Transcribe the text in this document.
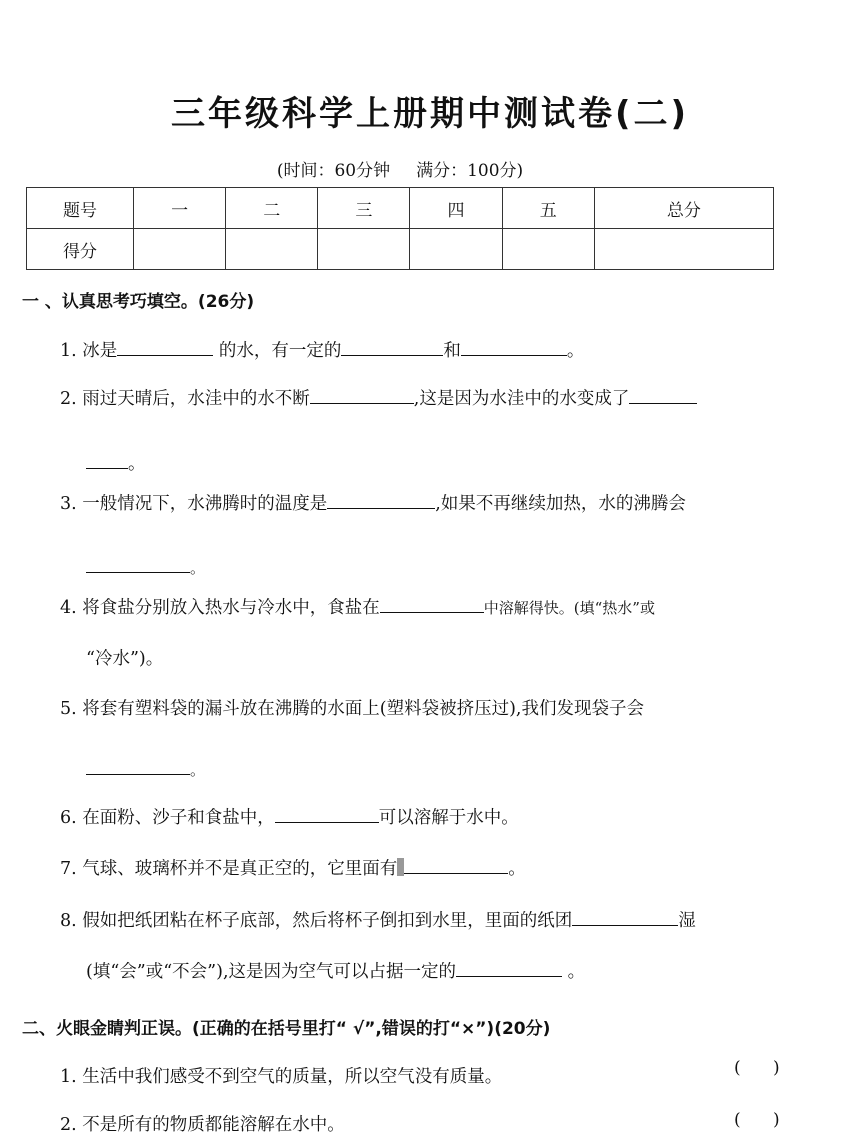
三年级科学上册期中测试卷(二)
(时间：60分钟 满分：100分)
题号	一	二	三	四	五	总分
得分						
一 、认真思考巧填空。(26分)
1. 冰是	的水，有一定的	和	。
2. 雨过天晴后，水洼中的水不断	,这是因为水洼中的水变成了
。
3. 一般情况下，水沸腾时的温度是	,如果不再继续加热，水的沸腾会
。
4. 将食盐分别放入热水与冷水中，食盐在	中溶解得快。(填“热水”或
“冷水”)。
5. 将套有塑料袋的漏斗放在沸腾的水面上(塑料袋被挤压过),我们发现袋子会
。
6. 在面粉、沙子和食盐中，	可以溶解于水中。
7. 气球、玻璃杯并不是真正空的，它里面有	。
8. 假如把纸团粘在杯子底部，然后将杯子倒扣到水里，里面的纸团	湿
(填“会”或“不会”),这是因为空气可以占据一定的	。
二、火眼金睛判正误。(正确的在括号里打“ √”,错误的打“×”)(20分)
1. 生活中我们感受不到空气的质量，所以空气没有质量。	(      )
2. 不是所有的物质都能溶解在水中。	(      )
